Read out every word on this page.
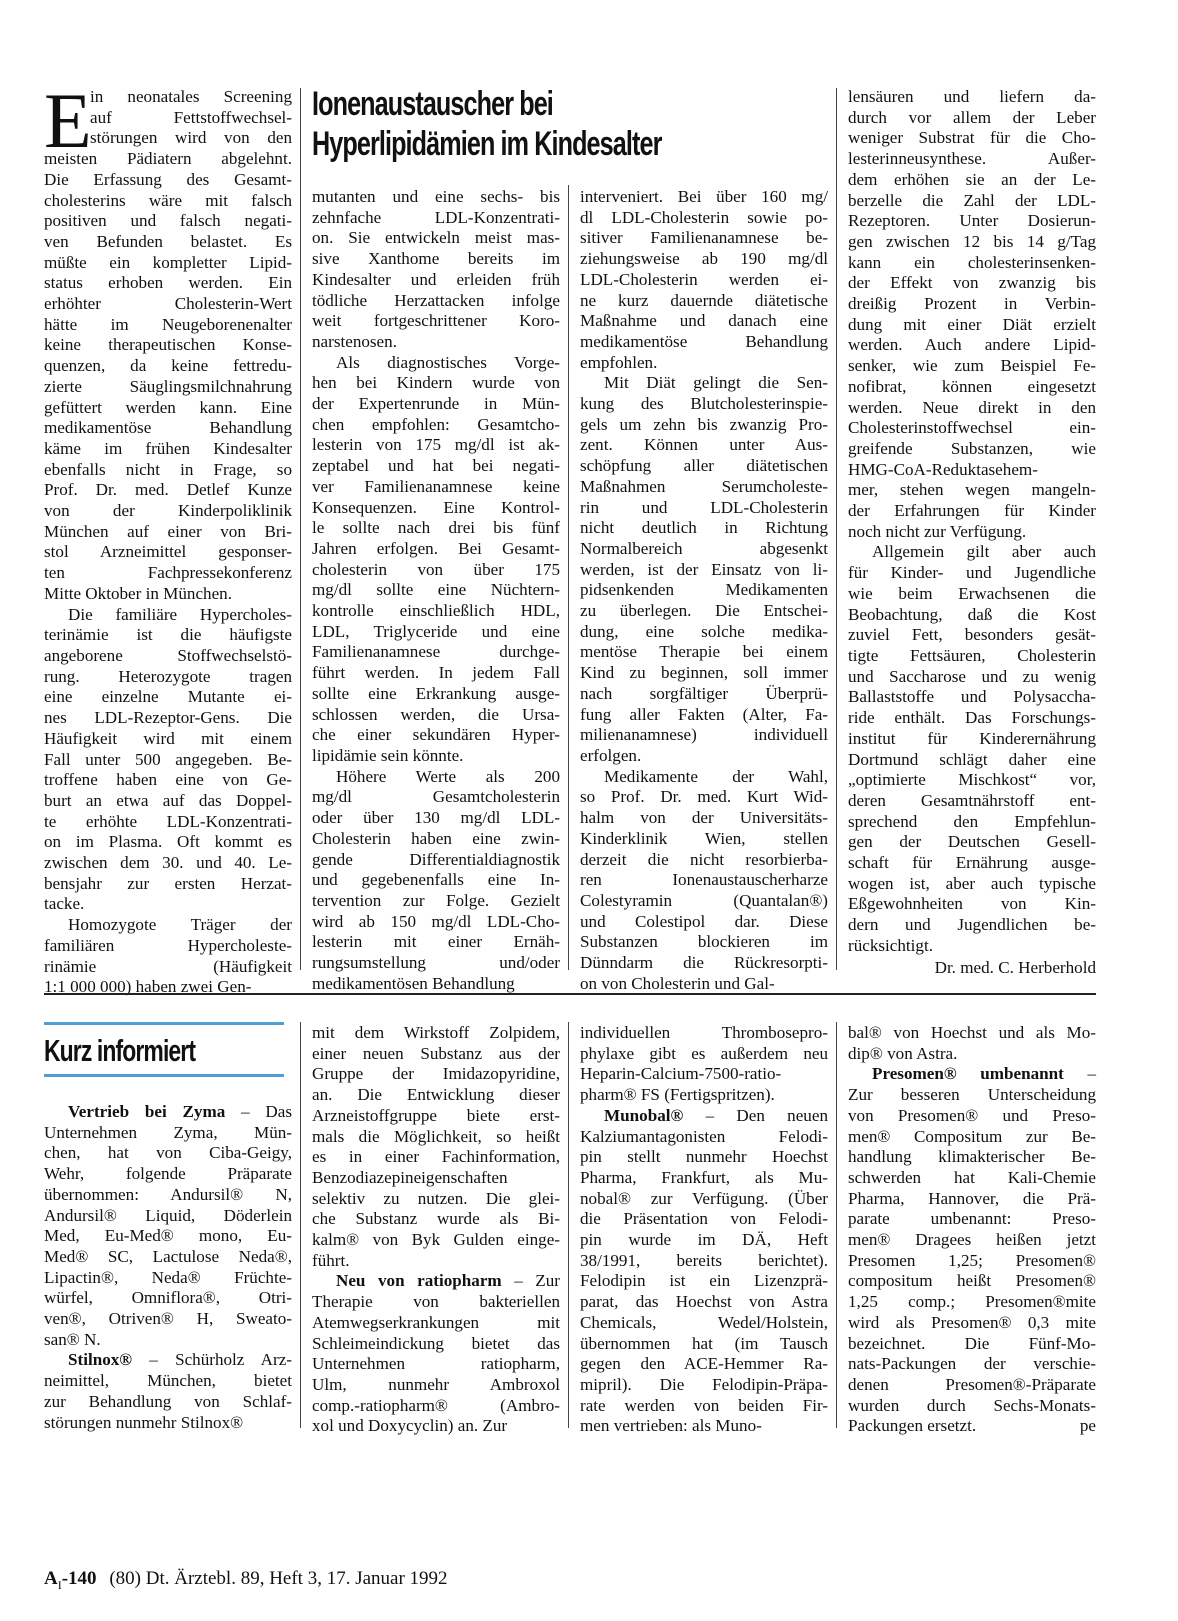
E	Ionenaustauscher bei
Hyperlipidämien im Kindesalter
in neonatales Screening
auf Fettstoffwechsel-
störungen wird von den
meisten Pädiatern abgelehnt.
Die Erfassung des Gesamt-
cholesterins wäre mit falsch
positiven und falsch negati-
ven Befunden belastet. Es
müßte ein kompletter Lipid-
status erhoben werden. Ein
erhöhter Cholesterin-Wert
hätte im Neugeborenenalter
keine therapeutischen Konse-
quenzen, da keine fettredu-
zierte Säuglingsmilchnahrung
gefüttert werden kann. Eine
medikamentöse Behandlung
käme im frühen Kindesalter
ebenfalls nicht in Frage, so
Prof. Dr. med. Detlef Kunze
von der Kinderpoliklinik
München auf einer von Bri-
stol Arzneimittel gesponser-
ten Fachpressekonferenz
Mitte Oktober in München.
Die familiäre Hypercholes-
terinämie ist die häufigste
angeborene Stoffwechselstö-
rung. Heterozygote tragen
eine einzelne Mutante ei-
nes LDL-Rezeptor-Gens. Die
Häufigkeit wird mit einem
Fall unter 500 angegeben. Be-
troffene haben eine von Ge-
burt an etwa auf das Doppel-
te erhöhte LDL-Konzentrati-
on im Plasma. Oft kommt es
zwischen dem 30. und 40. Le-
bensjahr zur ersten Herzat-
tacke.
Homozygote Träger der
familiären Hypercholeste-
rinämie (Häufigkeit
1:1 000 000) haben zwei Gen-
mutanten und eine sechs- bis
zehnfache LDL-Konzentrati-
on. Sie entwickeln meist mas-
sive Xanthome bereits im
Kindesalter und erleiden früh
tödliche Herzattacken infolge
weit fortgeschrittener Koro-
narstenosen.
Als diagnostisches Vorge-
hen bei Kindern wurde von
der Expertenrunde in Mün-
chen empfohlen: Gesamtcho-
lesterin von 175 mg/dl ist ak-
zeptabel und hat bei negati-
ver Familienanamnese keine
Konsequenzen. Eine Kontrol-
le sollte nach drei bis fünf
Jahren erfolgen. Bei Gesamt-
cholesterin von über 175
mg/dl sollte eine Nüchtern-
kontrolle einschließlich HDL,
LDL, Triglyceride und eine
Familienanamnese durchge-
führt werden. In jedem Fall
sollte eine Erkrankung ausge-
schlossen werden, die Ursa-
che einer sekundären Hyper-
lipidämie sein könnte.
Höhere Werte als 200
mg/dl Gesamtcholesterin
oder über 130 mg/dl LDL-
Cholesterin haben eine zwin-
gende Differentialdiagnostik
und gegebenenfalls eine In-
tervention zur Folge. Gezielt
wird ab 150 mg/dl LDL-Cho-
lesterin mit einer Ernäh-
rungsumstellung und/oder
medikamentösen Behandlung
interveniert. Bei über 160 mg/
dl LDL-Cholesterin sowie po-
sitiver Familienanamnese be-
ziehungsweise ab 190 mg/dl
LDL-Cholesterin werden ei-
ne kurz dauernde diätetische
Maßnahme und danach eine
medikamentöse Behandlung
empfohlen.
Mit Diät gelingt die Sen-
kung des Blutcholesterinspie-
gels um zehn bis zwanzig Pro-
zent. Können unter Aus-
schöpfung aller diätetischen
Maßnahmen Serumcholeste-
rin und LDL-Cholesterin
nicht deutlich in Richtung
Normalbereich abgesenkt
werden, ist der Einsatz von li-
pidsenkenden Medikamenten
zu überlegen. Die Entschei-
dung, eine solche medika-
mentöse Therapie bei einem
Kind zu beginnen, soll immer
nach sorgfältiger Überprü-
fung aller Fakten (Alter, Fa-
milienanamnese) individuell
erfolgen.
Medikamente der Wahl,
so Prof. Dr. med. Kurt Wid-
halm von der Universitäts-
Kinderklinik Wien, stellen
derzeit die nicht resorbierba-
ren Ionenaustauscherharze
Colestyramin (Quantalan®)
und Colestipol dar. Diese
Substanzen blockieren im
Dünndarm die Rückresorpti-
on von Cholesterin und Gal-
lensäuren und liefern da-
durch vor allem der Leber
weniger Substrat für die Cho-
lesterinneusynthese. Außer-
dem erhöhen sie an der Le-
berzelle die Zahl der LDL-
Rezeptoren. Unter Dosierun-
gen zwischen 12 bis 14 g/Tag
kann ein cholesterinsenken-
der Effekt von zwanzig bis
dreißig Prozent in Verbin-
dung mit einer Diät erzielt
werden. Auch andere Lipid-
senker, wie zum Beispiel Fe-
nofibrat, können eingesetzt
werden. Neue direkt in den
Cholesterinstoffwechsel ein-
greifende Substanzen, wie
HMG-CoA-Reduktasehem-
mer, stehen wegen mangeln-
der Erfahrungen für Kinder
noch nicht zur Verfügung.
Allgemein gilt aber auch
für Kinder- und Jugendliche
wie beim Erwachsenen die
Beobachtung, daß die Kost
zuviel Fett, besonders gesät-
tigte Fettsäuren, Cholesterin
und Saccharose und zu wenig
Ballaststoffe und Polysaccha-
ride enthält. Das Forschungs-
institut für Kinderernährung
Dortmund schlägt daher eine
„optimierte Mischkost“ vor,
deren Gesamtnährstoff ent-
sprechend den Empfehlun-
gen der Deutschen Gesell-
schaft für Ernährung ausge-
wogen ist, aber auch typische
Eßgewohnheiten von Kin-
dern und Jugendlichen be-
rücksichtigt.
Dr. med. C. Herberhold
Kurz informiert
Vertrieb bei Zyma – Das
Unternehmen Zyma, Mün-
chen, hat von Ciba-Geigy,
Wehr, folgende Präparate
übernommen: Andursil® N,
Andursil® Liquid, Döderlein
Med, Eu-Med® mono, Eu-
Med® SC, Lactulose Neda®,
Lipactin®, Neda® Früchte-
würfel, Omniflora®, Otri-
ven®, Otriven® H, Sweato-
san® N.
Stilnox® – Schürholz Arz-
neimittel, München, bietet
zur Behandlung von Schlaf-
störungen nunmehr Stilnox®
mit dem Wirkstoff Zolpidem,
einer neuen Substanz aus der
Gruppe der Imidazopyridine,
an. Die Entwicklung dieser
Arzneistoffgruppe biete erst-
mals die Möglichkeit, so heißt
es in einer Fachinformation,
Benzodiazepineigenschaften
selektiv zu nutzen. Die glei-
che Substanz wurde als Bi-
kalm® von Byk Gulden einge-
führt.
Neu von ratiopharm – Zur
Therapie von bakteriellen
Atemwegserkrankungen mit
Schleimeindickung bietet das
Unternehmen ratiopharm,
Ulm, nunmehr Ambroxol
comp.-ratiopharm® (Ambro-
xol und Doxycyclin) an. Zur
individuellen Thromboseprо-
phylaxe gibt es außerdem neu
Heparin-Calcium-7500-ratio-
pharm® FS (Fertigspritzen).
Munobal® – Den neuen
Kalziumantagonisten Felodi-
pin stellt nunmehr Hoechst
Pharma, Frankfurt, als Mu-
nobal® zur Verfügung. (Über
die Präsentation von Felodi-
pin wurde im DÄ, Heft
38/1991, bereits berichtet).
Felodipin ist ein Lizenzprä-
parat, das Hoechst von Astra
Chemicals, Wedel/Holstein,
übernommen hat (im Tausch
gegen den ACE-Hemmer Ra-
mipril). Die Felodipin-Präpa-
rate werden von beiden Fir-
men vertrieben: als Muno-
bal® von Hoechst und als Mo-
dip® von Astra.
Presomen® umbenannt –
Zur besseren Unterscheidung
von Presomen® und Preso-
men® Compositum zur Be-
handlung klimakterischer Be-
schwerden hat Kali-Chemie
Pharma, Hannover, die Prä-
parate umbenannt: Preso-
men® Dragees heißen jetzt
Presomen 1,25; Presomen®
compositum heißt Presomen®
1,25 comp.; Presomen®mite
wird als Presomen® 0,3 mite
bezeichnet. Die Fünf-Mo-
nats-Packungen der verschie-
denen Presomen®-Präparate
wurden durch Sechs-Monats-
Packungen ersetzt.	pe
$A_I-140$ (80) Dt. Ärztebl. 89, Heft 3, 17. Januar 1992
